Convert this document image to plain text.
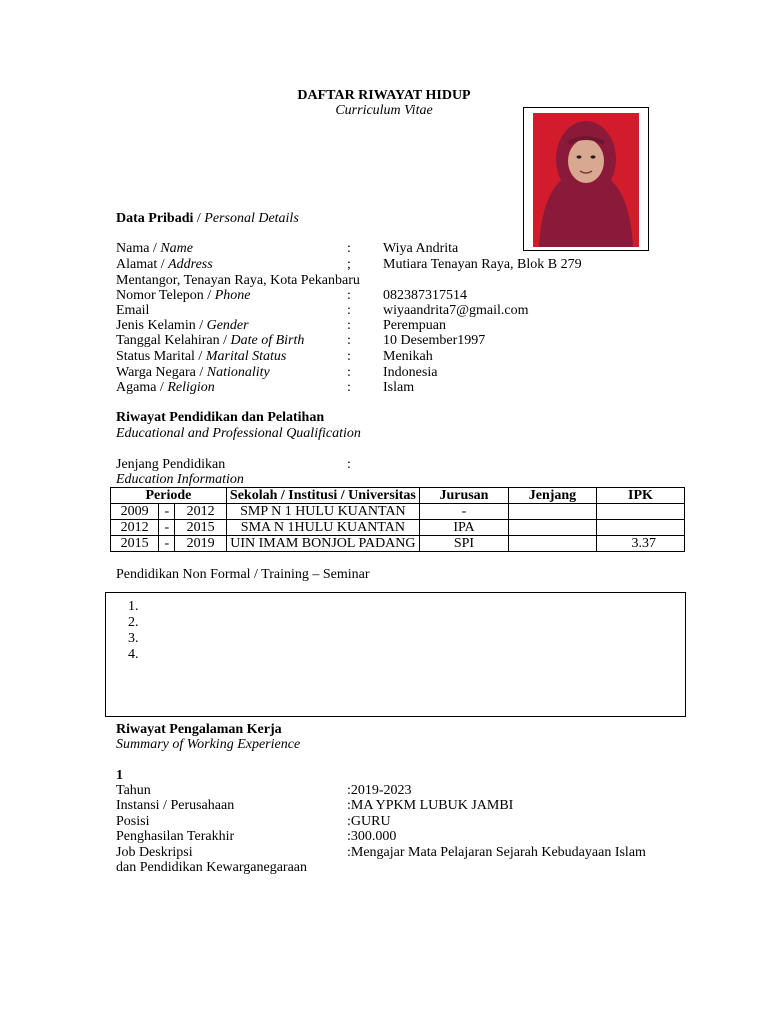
DAFTAR RIWAYAT HIDUP
Curriculum Vitae
Data Pribadi / Personal Details
Nama / Name	: Wiya Andrita
Alamat / Address	; Mutiara Tenayan Raya, Blok B 279
Mentangor, Tenayan Raya, Kota Pekanbaru
Nomor Telepon / Phone	: 082387317514
Email	: wiyaandrita7@gmail.com
Jenis Kelamin / Gender	: Perempuan
Tanggal Kelahiran / Date of Birth	: 10 Desember1997
Status Marital / Marital Status	: Menikah
Warga Negara / Nationality	: Indonesia
Agama / Religion	: Islam
Riwayat Pendidikan dan Pelatihan
Educational and Professional Qualification
Jenjang Pendidikan	:
Education Information
Periode			Sekolah / Institusi / Universitas	Jurusan	Jenjang	IPK
2009	-	2012	SMP N 1 HULU KUANTAN	-		
2012	-	2015	SMA N 1HULU KUANTAN	IPA		
2015	-	2019	UIN IMAM BONJOL PADANG	SPI		3.37
Pendidikan Non Formal / Training – Seminar
1.
2.
3.
4.
Riwayat Pengalaman Kerja
Summary of Working Experience
1
Tahun	:2019-2023
Instansi / Perusahaan	:MA YPKM LUBUK JAMBI
Posisi	:GURU
Penghasilan Terakhir	:300.000
Job Deskripsi	:Mengajar Mata Pelajaran Sejarah Kebudayaan Islam
dan Pendidikan Kewarganegaraan
